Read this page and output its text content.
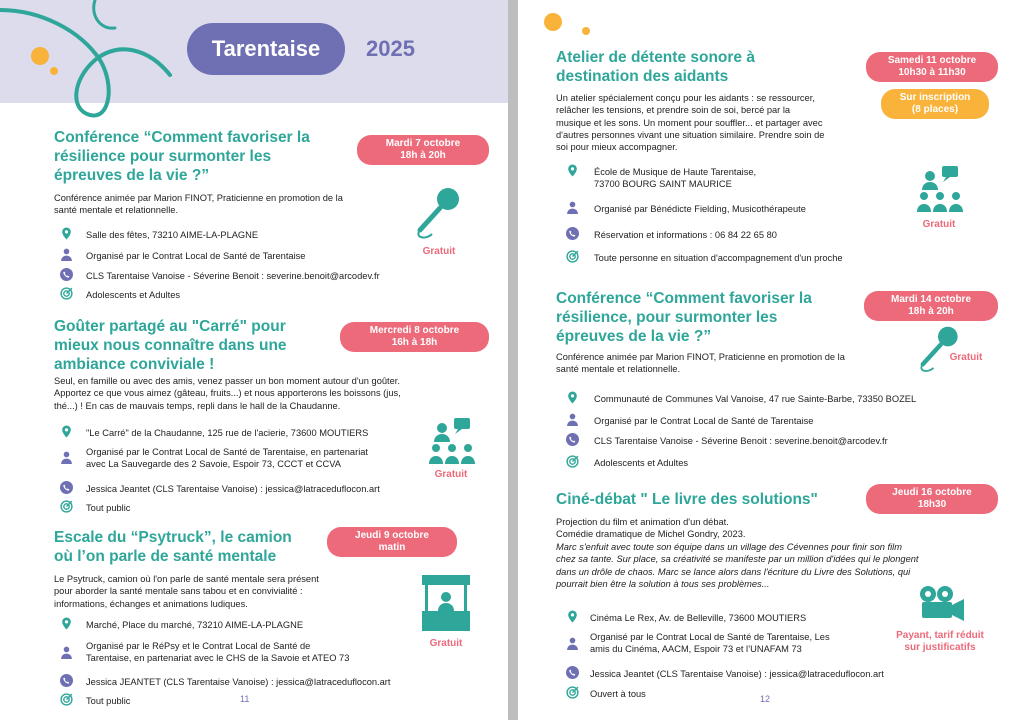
Tarentaise	2025
Conférence “Comment favoriser la
résilience pour surmonter les
épreuves de la vie ?”
Mardi 7 octobre
18h à 20h
Conférence animée par Marion FINOT, Praticienne en promotion de la
santé mentale et relationnelle.
Salle des fêtes, 73210 AIME-LA-PLAGNE
Organisé par le Contrat Local de Santé de Tarentaise
CLS Tarentaise Vanoise - Séverine Benoit : severine.benoit@arcodev.fr
Adolescents et Adultes
Gratuit
Goûter partagé au "Carré" pour
mieux nous connaître dans une
ambiance conviviale !
Mercredi 8 octobre
16h à 18h
Seul, en famille ou avec des amis, venez passer un bon moment autour d'un goûter.
Apportez ce que vous aimez (gâteau, fruits...) et nous apporterons les boissons (jus,
thé...) ! En cas de mauvais temps, repli dans le hall de la Chaudanne.
"Le Carré" de la Chaudanne, 125 rue de l'acierie, 73600 MOUTIERS
Organisé par le Contrat Local de Santé de Tarentaise, en partenariat
avec La Sauvegarde des 2 Savoie, Espoir 73, CCCT et CCVA
Jessica Jeantet (CLS Tarentaise Vanoise) : jessica@latraceduflocon.art
Tout public
Gratuit
Escale du “Psytruck”, le camion
où l’on parle de santé mentale
Jeudi 9 octobre
matin
Le Psytruck, camion où l'on parle de santé mentale sera présent
pour aborder la santé mentale sans tabou et en convivialité :
informations, échanges et animations ludiques.
Marché, Place du marché, 73210 AIME-LA-PLAGNE
Organisé par le RéPsy et le Contrat Local de Santé de
Tarentaise, en partenariat avec le CHS de la Savoie et ATEO 73
Jessica JEANTET (CLS Tarentaise Vanoise) : jessica@latraceduflocon.art
Tout public
Gratuit
11
Atelier de détente sonore à
destination des aidants
Samedi 11 octobre
10h30 à 11h30
Sur inscription
(8 places)
Un atelier spécialement conçu pour les aidants : se ressourcer,
relâcher les tensions, et prendre soin de soi, bercé par la
musique et les sons. Un moment pour souffler... et partager avec
d'autres personnes vivant une situation similaire. Prendre soin de
soi pour mieux accompagner.
École de Musique de Haute Tarentaise,
73700 BOURG SAINT MAURICE
Organisé par Bénédicte Fielding, Musicothérapeute
Réservation et informations : 06 84 22 65 80
Toute personne en situation d'accompagnement d'un proche
Gratuit
Conférence “Comment favoriser la
résilience, pour surmonter les
épreuves de la vie ?”
Mardi 14 octobre
18h à 20h
Conférence animée par Marion FINOT, Praticienne en promotion de la
santé mentale et relationnelle.
Communauté de Communes Val Vanoise, 47 rue Sainte-Barbe, 73350 BOZEL
Organisé par le Contrat Local de Santé de Tarentaise
CLS Tarentaise Vanoise - Séverine Benoit : severine.benoit@arcodev.fr
Adolescents et Adultes
Gratuit
Ciné-débat " Le livre des solutions"	Jeudi 16 octobre
18h30
Projection du film et animation d'un débat.
Comédie dramatique de Michel Gondry, 2023.
Marc s'enfuit avec toute son équipe dans un village des Cévennes pour finir son film
chez sa tante. Sur place, sa créativité se manifeste par un million d'idées qui le plongent
dans un drôle de chaos. Marc se lance alors dans l'écriture du Livre des Solutions, qui
pourrait bien être la solution à tous ses problèmes...
Cinéma Le Rex, Av. de Belleville, 73600 MOUTIERS
Organisé par le Contrat Local de Santé de Tarentaise, Les
amis du Cinéma, AACM, Espoir 73 et l’UNAFAM 73
Jessica Jeantet (CLS Tarentaise Vanoise) : jessica@latraceduflocon.art
Ouvert à tous
Payant, tarif réduit
sur justificatifs
12
